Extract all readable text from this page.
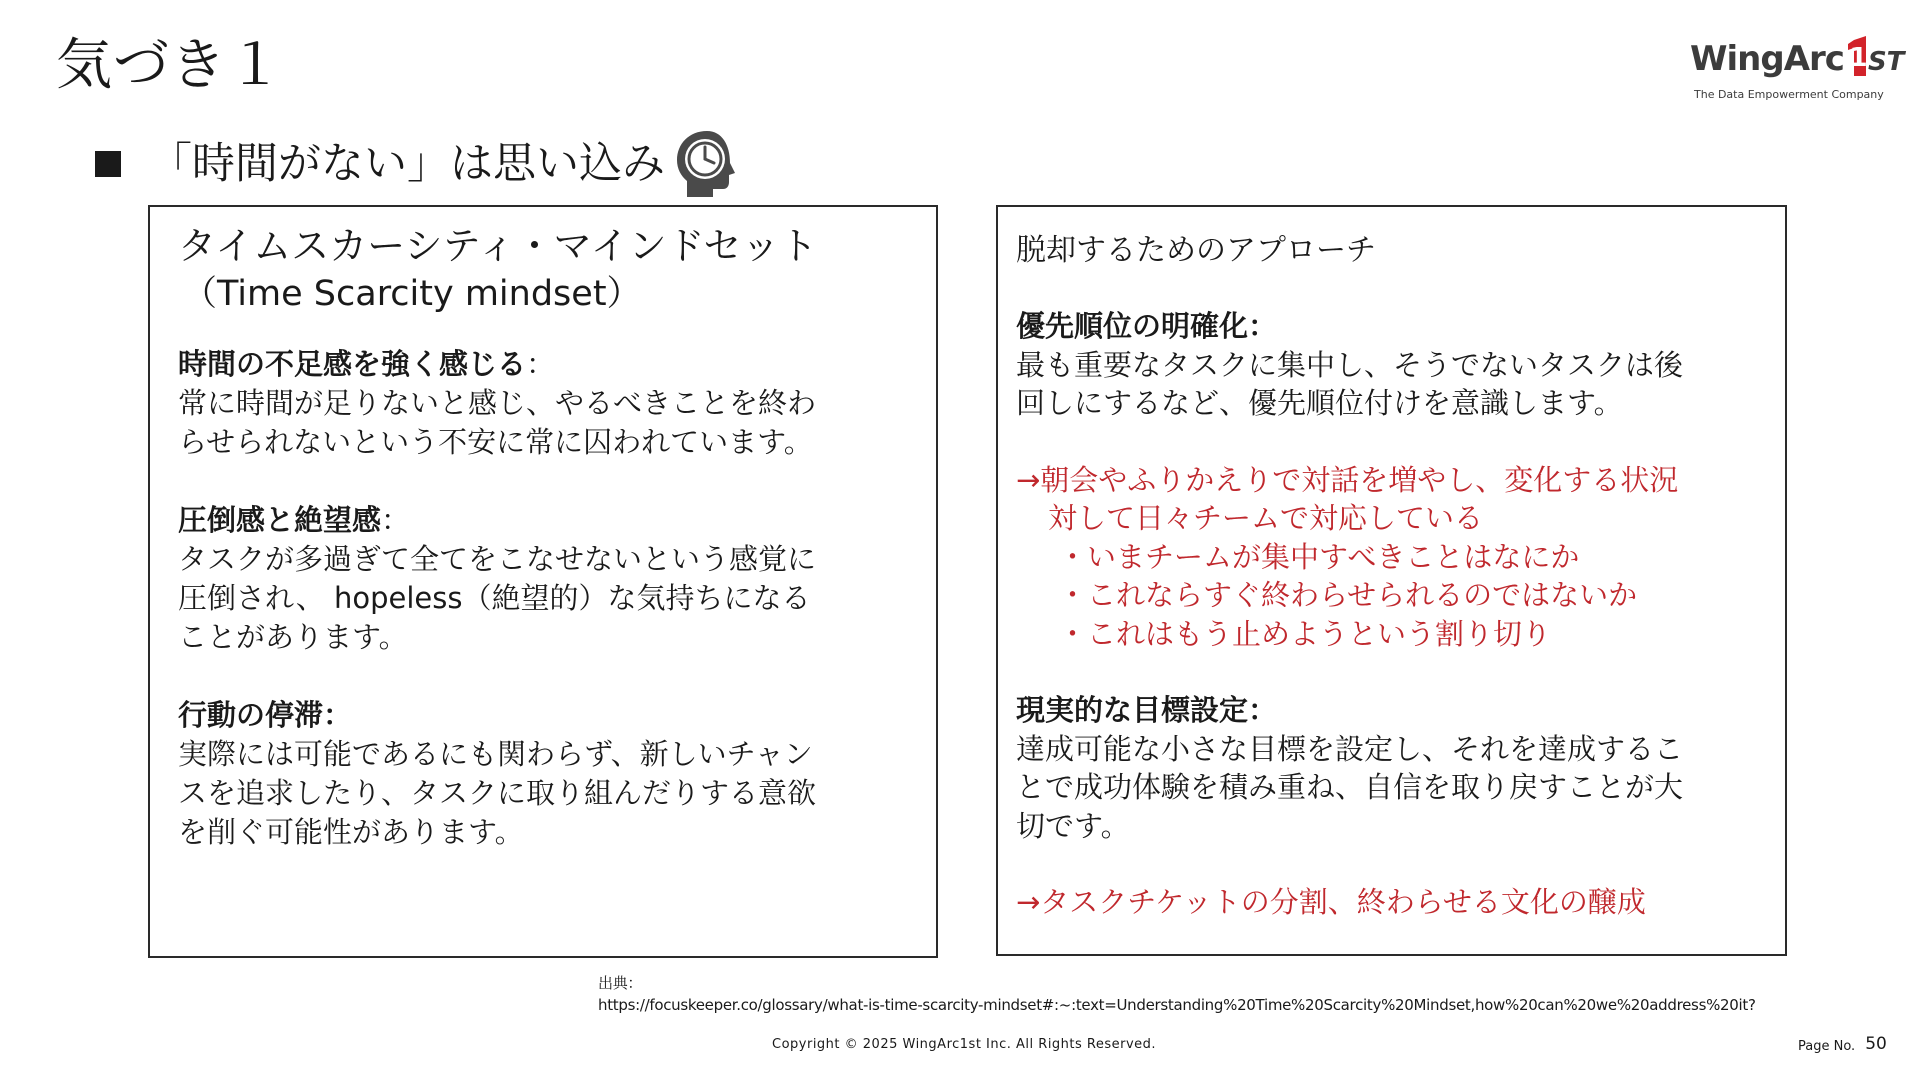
気づき１	WingArc 1 ST
The Data Empowerment Company
「時間がない」は思い込み
タイムスカーシティ・マインドセット
（Time Scarcity mindset）
時間の不足感を強く感じる：
常に時間が足りないと感じ、やるべきことを終わ
らせられないという不安に常に囚われています。
圧倒感と絶望感：
タスクが多過ぎて全てをこなせないという感覚に
圧倒され、 hopeless（絶望的）な気持ちになる
ことがあります。
行動の停滞：
実際には可能であるにも関わらず、新しいチャン
スを追求したり、タスクに取り組んだりする意欲
を削ぐ可能性があります。
脱却するためのアプローチ
優先順位の明確化：
最も重要なタスクに集中し、そうでないタスクは後
回しにするなど、優先順位付けを意識します。
→朝会やふりかえりで対話を増やし、変化する状況
対して日々チームで対応している
・いまチームが集中すべきことはなにか
・これならすぐ終わらせられるのではないか
・これはもう止めようという割り切り
現実的な目標設定：
達成可能な小さな目標を設定し、それを達成するこ
とで成功体験を積み重ね、自信を取り戻すことが大
切です。
→タスクチケットの分割、終わらせる文化の醸成
出典：
https://focuskeeper.co/glossary/what-is-time-scarcity-mindset#:~:text=Understanding%20Time%20Scarcity%20Mindset,how%20can%20we%20address%20it?
Copyright © 2025 WingArc1st Inc. All Rights Reserved.	Page No. 50
